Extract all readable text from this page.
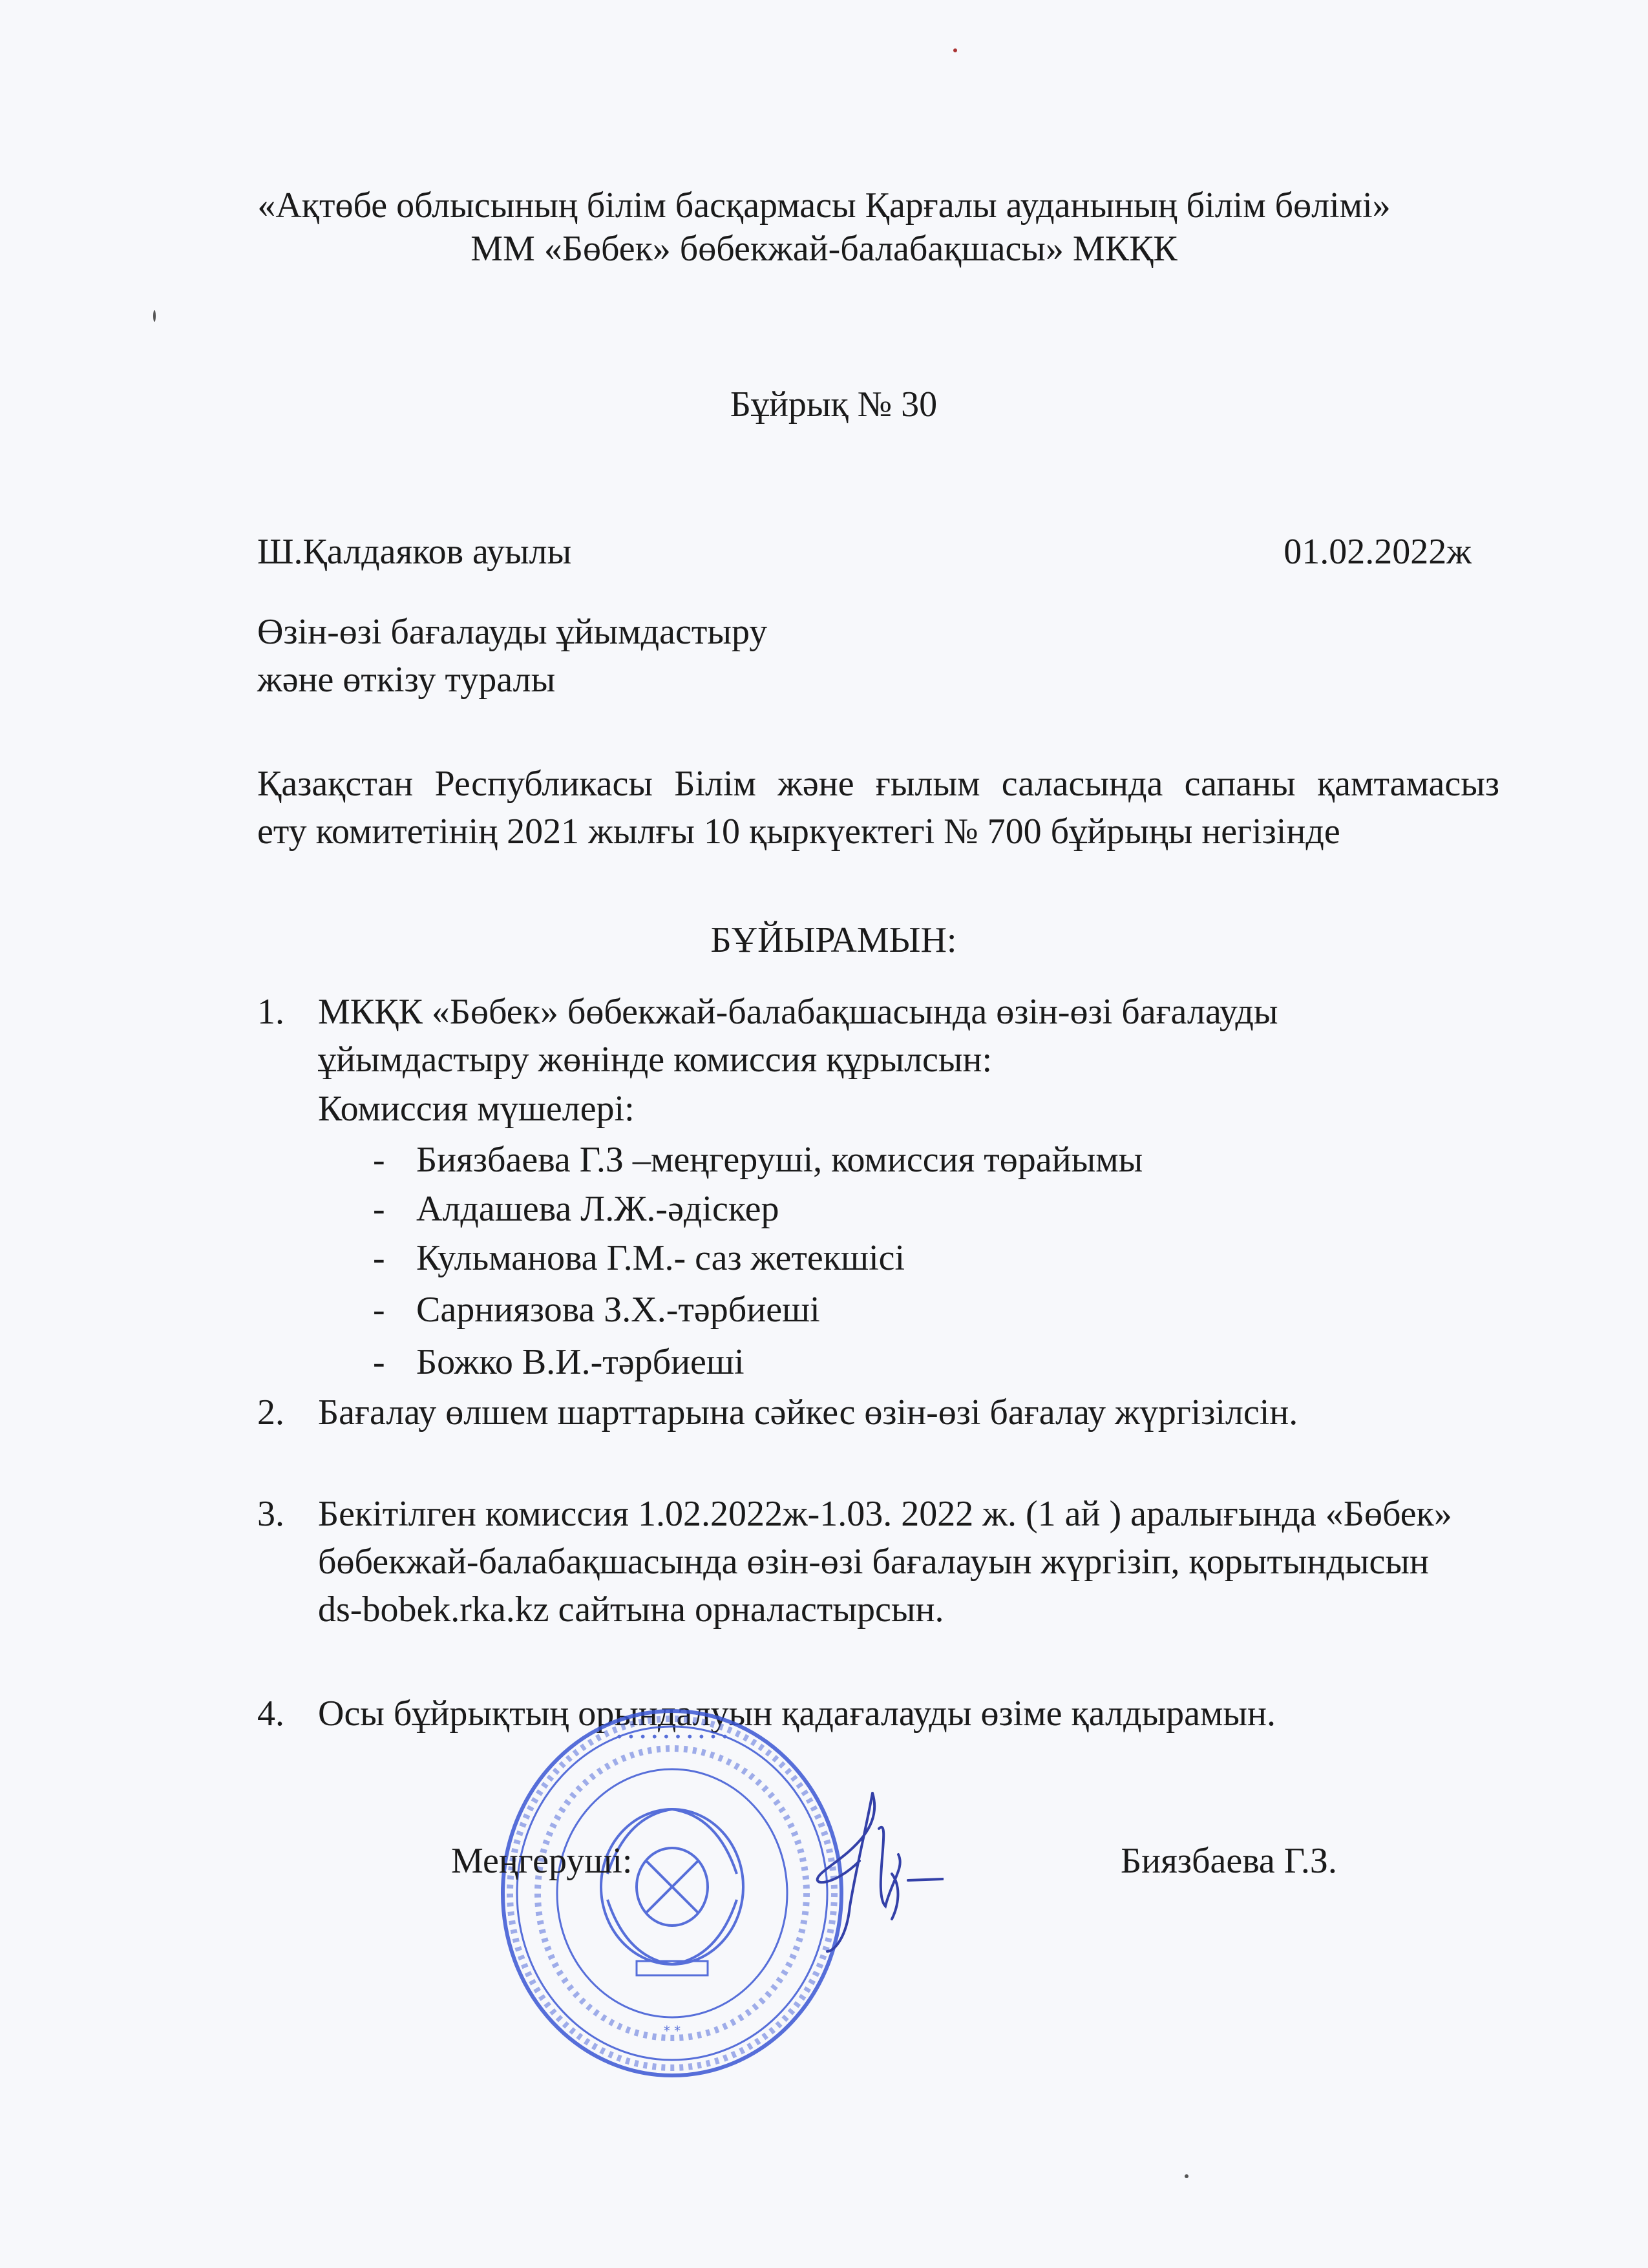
«Ақтөбе облысының білім басқармасы Қарғалы ауданының білім бөлімі»
ММ «Бөбек» бөбекжай-балабақшасы» МКҚК
Бұйрық № 30
Ш.Қалдаяков ауылы	01.02.2022ж
Өзін-өзі бағалауды ұйымдастыру
және өткізу туралы
Қазақстан Республикасы Білім және ғылым саласында сапаны қамтамасыз
ету комитетінің 2021 жылғы 10 қыркүектегі № 700 бұйрыңы негізінде
БҰЙЫРАМЫН:
1. МКҚК «Бөбек» бөбекжай-балабақшасында өзін-өзі бағалауды
ұйымдастыру жөнінде комиссия құрылсын:
Комиссия мүшелері:
- Биязбаева Г.З –меңгеруші, комиссия төрайымы
- Алдашева Л.Ж.-әдіскер
- Кульманова Г.М.- саз жетекшісі
- Сарниязова З.Х.-тәрбиеші
- Божко В.И.-тәрбиеші
2. Бағалау өлшем шарттарына сәйкес өзін-өзі бағалау жүргізілсін.
3. Бекітілген комиссия 1.02.2022ж-1.03. 2022 ж. (1 ай ) аралығында «Бөбек»
бөбекжай-балабақшасында өзін-өзі бағалауын жүргізіп, қорытындысын
ds-bobek.rka.kz сайтына орналастырсын.
4. Осы бұйрықтың орындалуын қадағалауды өзіме қалдырамын.
• • • • • • • • • •
* *
Меңгеруші:	Биязбаева Г.З.
